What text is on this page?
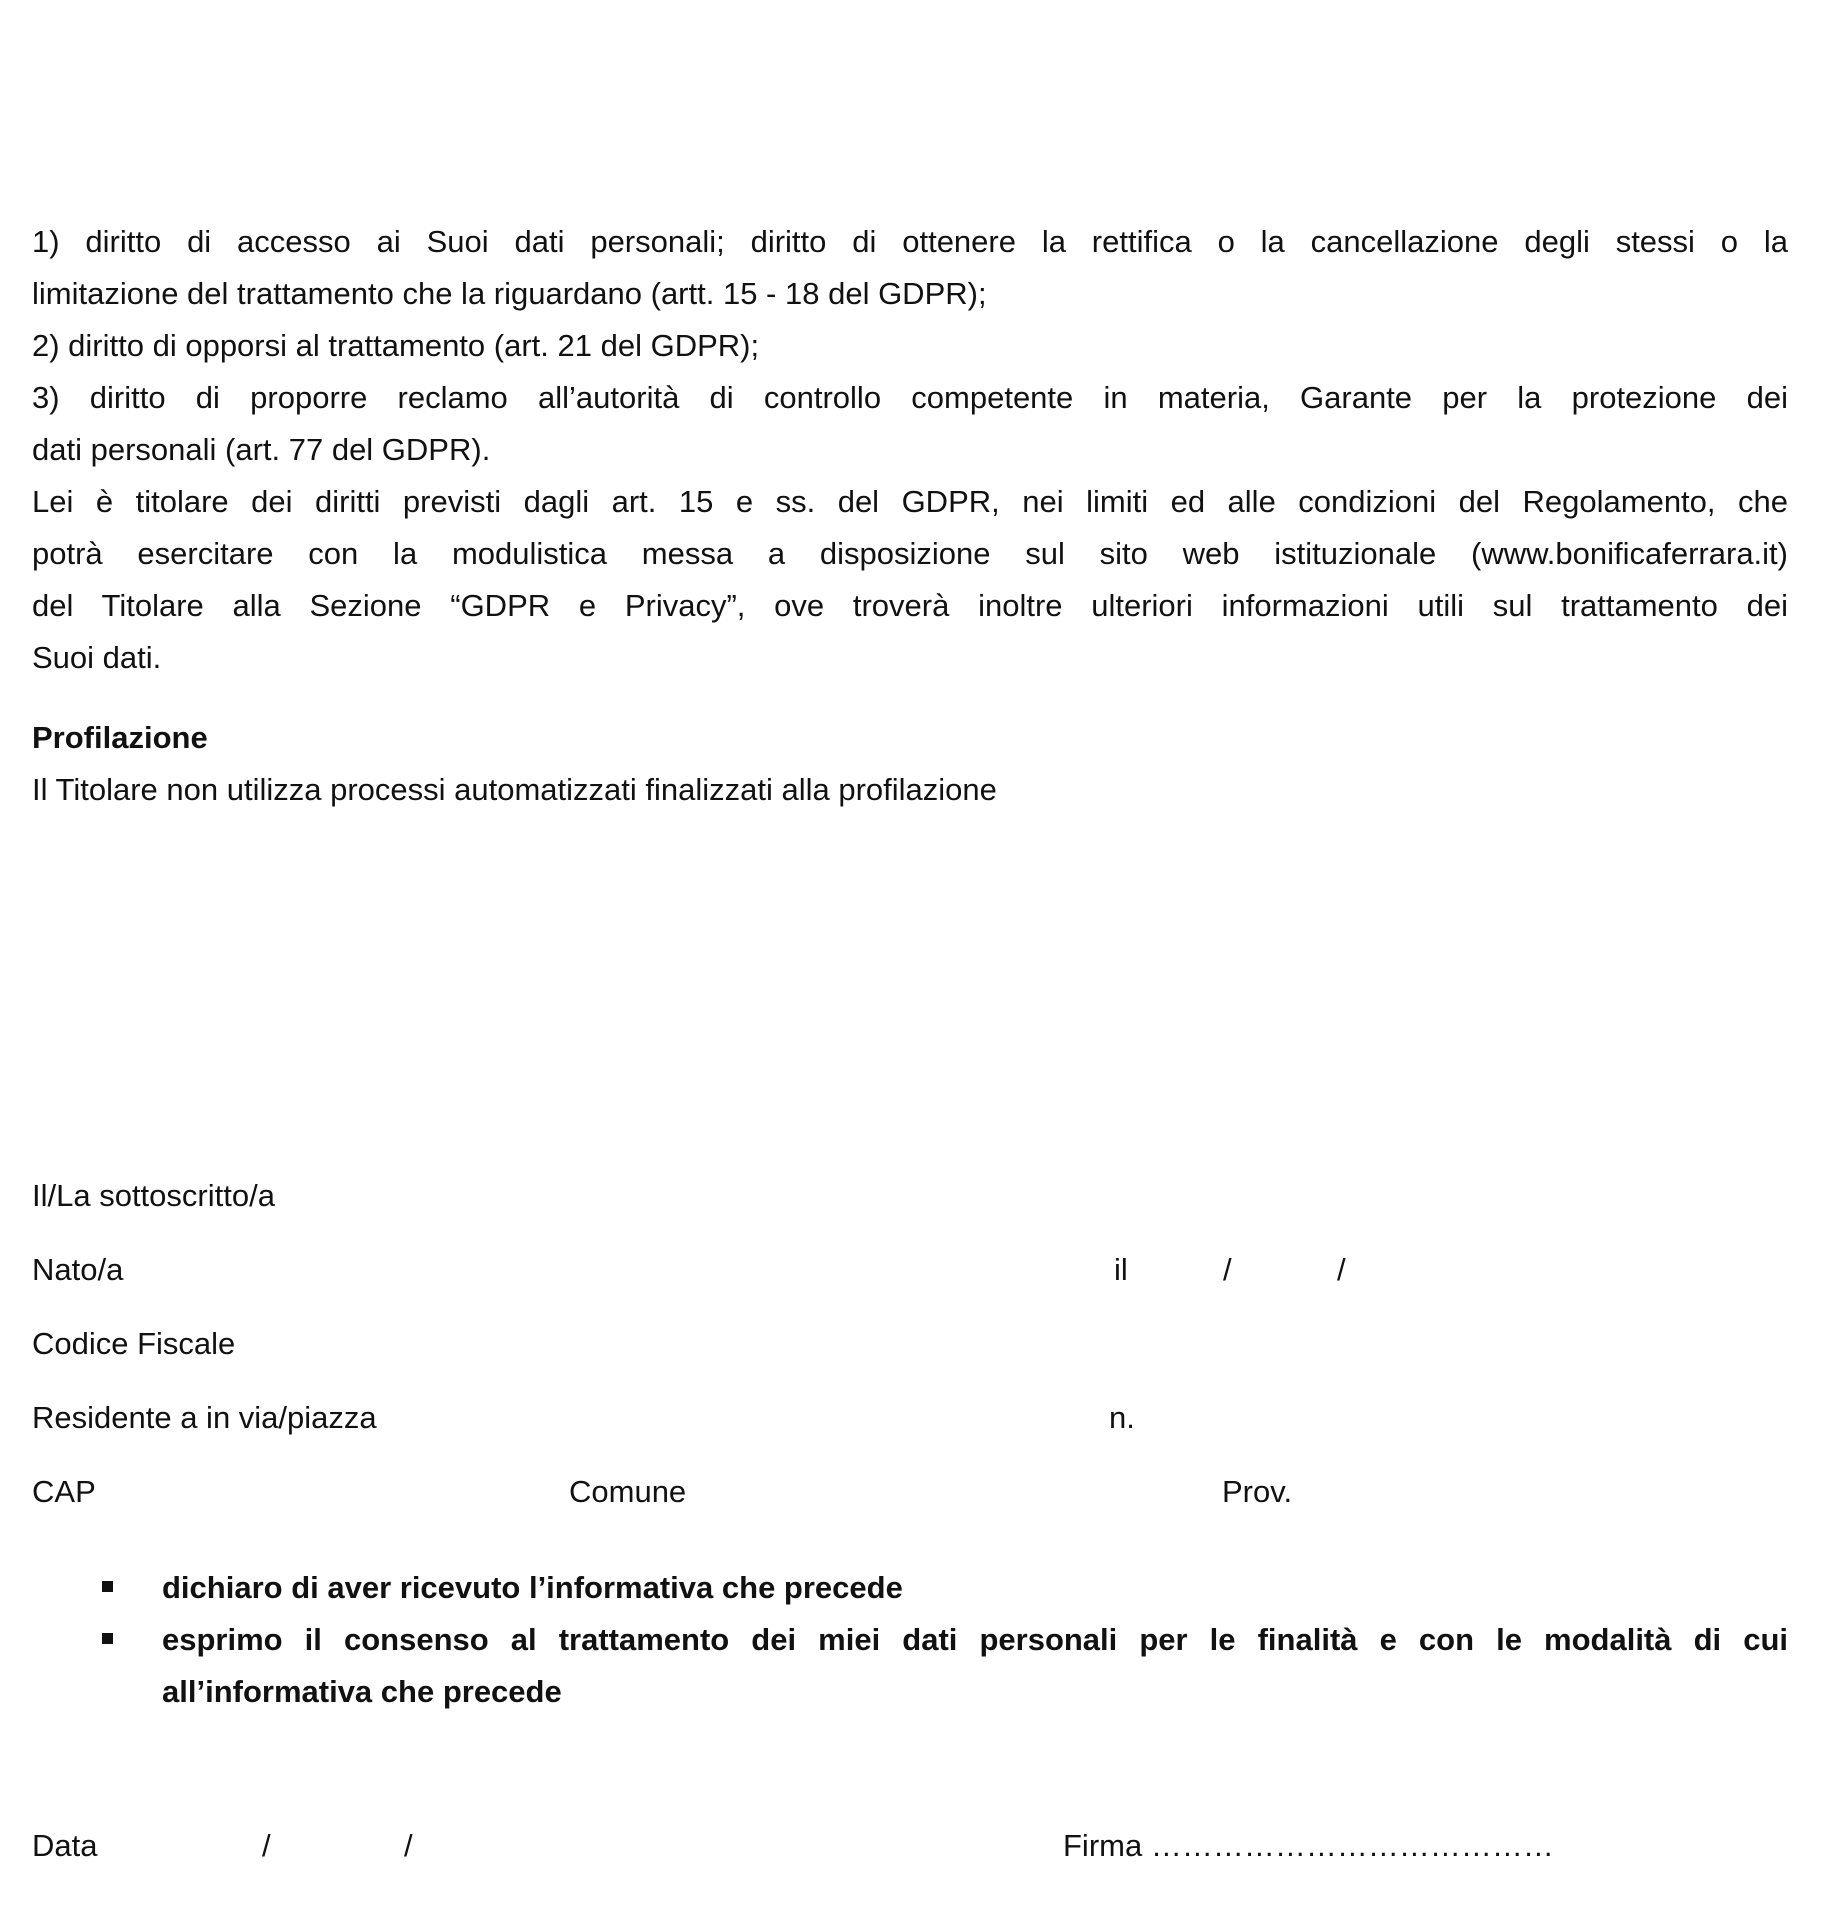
1) diritto di accesso ai Suoi dati personali; diritto di ottenere la rettifica o la cancellazione degli stessi o la
limitazione del trattamento che la riguardano (artt. 15 - 18 del GDPR);
2) diritto di opporsi al trattamento (art. 21 del GDPR);
3) diritto di proporre reclamo all’autorità di controllo competente in materia, Garante per la protezione dei
dati personali (art. 77 del GDPR).
Lei è titolare dei diritti previsti dagli art. 15 e ss. del GDPR, nei limiti ed alle condizioni del Regolamento, che
potrà esercitare con la modulistica messa a disposizione sul sito web istituzionale (www.bonificaferrara.it)
del Titolare alla Sezione “GDPR e Privacy”, ove troverà inoltre ulteriori informazioni utili sul trattamento dei
Suoi dati.
Profilazione
Il Titolare non utilizza processi automatizzati finalizzati alla profilazione
Il/La sottoscritto/a
Nato/a	il	/	/
Codice Fiscale
Residente a in via/piazza	n.
CAP	Comune	Prov.
dichiaro di aver ricevuto l’informativa che precede
esprimo il consenso al trattamento dei miei dati personali per le finalità e con le modalità di cui
all’informativa che precede
Data	/	/	Firma …………………………………
